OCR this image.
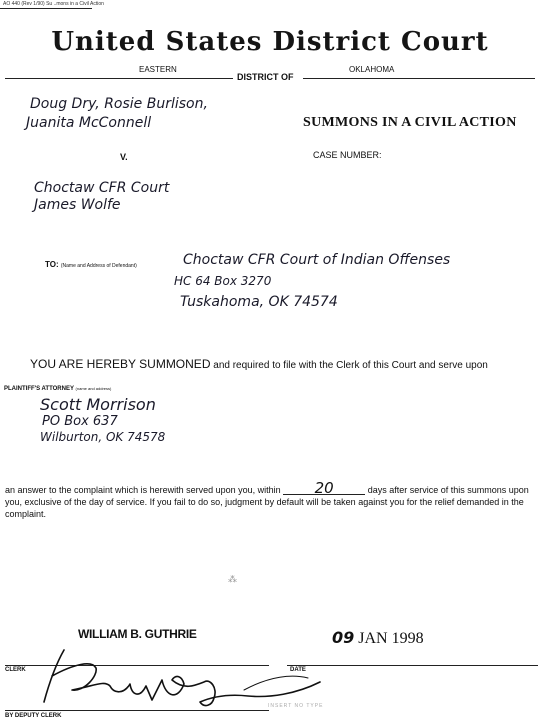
AO 440 (Rev 1/90) Su ..mons in a Civil Action
United States District Court
EASTERN
DISTRICT OF
OKLAHOMA
Doug Dry, Rosie Burlison,
Juanita McConnell	SUMMONS IN A CIVIL ACTION
V.	CASE NUMBER:
Choctaw CFR Court
James Wolfe
TO: (Name and Address of Defendant)	Choctaw CFR Court of Indian Offenses
HC 64 Box 3270
Tuskahoma, OK 74574
YOU ARE HEREBY SUMMONED and required to file with the Clerk of this Court and serve upon
PLAINTIFF'S ATTORNEY (name and address)
Scott Morrison
PO Box 637
Wilburton, OK 74578
an answer to the complaint which is herewith served upon you, within 20	days after service of this summons upon you, exclusive of the day of service. If you fail to do so, judgment by default will be taken against you for the relief demanded in the complaint.
⁂
WILLIAM B. GUTHRIE	09 JAN 1998
CLERK	DATE
BY DEPUTY CLERK
INSERT NO TYPE
